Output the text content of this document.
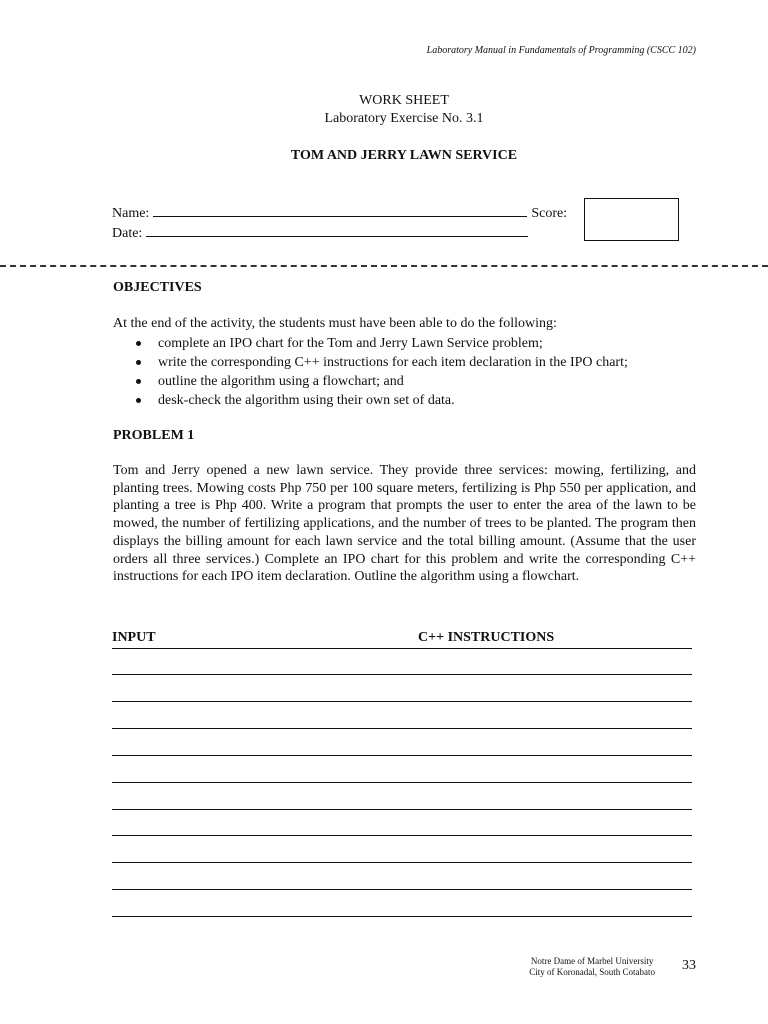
Laboratory Manual in Fundamentals of Programming (CSCC 102)
WORK SHEET
Laboratory Exercise No. 3.1
TOM AND JERRY LAWN SERVICE
Name:	Score:
Date:
OBJECTIVES
At the end of the activity, the students must have been able to do the following:
complete an IPO chart for the Tom and Jerry Lawn Service problem;
write the corresponding C++ instructions for each item declaration in the IPO chart;
outline the algorithm using a flowchart; and
desk-check the algorithm using their own set of data.
PROBLEM 1

Tom and Jerry opened a new lawn service. They provide three services: mowing, fertilizing, and planting trees. Mowing costs Php 750 per 100 square meters, fertilizing is Php 550 per application, and planting a tree is Php 400. Write a program that prompts the user to enter the area of the lawn to be mowed, the number of fertilizing applications, and the number of trees to be planted. The program then displays the billing amount for each lawn service and the total billing amount. (Assume that the user orders all three services.) Complete an IPO chart for this problem and write the corresponding C++ instructions for each IPO item declaration. Outline the algorithm using a flowchart.

INPUT	C++ INSTRUCTIONS
Notre Dame of Marbel University
City of Koronadal, South Cotabato 33
